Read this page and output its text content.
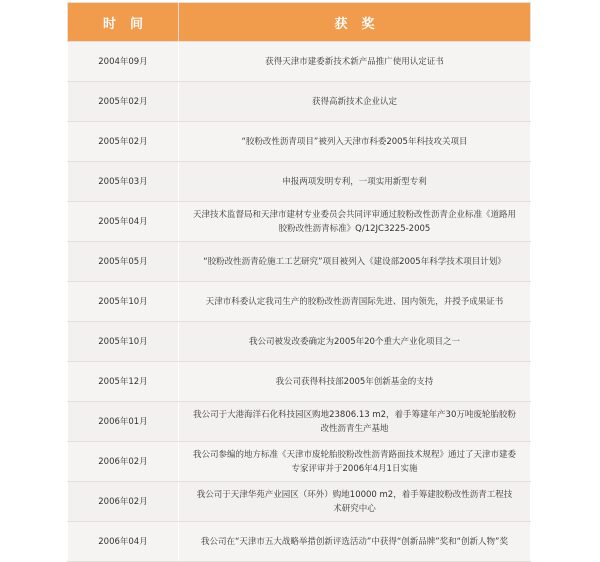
时间	获奖
2004年09月	获得天津市建委新技术新产品推广使用认定证书
2005年02月	获得高新技术企业认定
2005年02月	“胶粉改性沥青项目”被列入天津市科委2005年科技攻关项目
2005年03月	申报两项发明专利，一项实用新型专利
2005年04月	天津技术监督局和天津市建材专业委员会共同评审通过胶粉改性沥青企业标准《道路用胶粉改性沥青标准》Q/12JC3225-2005
2005年05月	“胶粉改性沥青砼施工工艺研究”项目被列入《建设部2005年科学技术项目计划》
2005年10月	天津市科委认定我司生产的胶粉改性沥青国际先进、国内领先，并授予成果证书
2005年10月	我公司被发改委确定为2005年20个重大产业化项目之一
2005年12月	我公司获得科技部2005年创新基金的支持
2006年01月	我公司于大港海洋石化科技园区购地23806.13 m2，着手筹建年产30万吨废轮胎胶粉改性沥青生产基地
2006年02月	我公司参编的地方标准《天津市废轮胎胶粉改性沥青路面技术规程》通过了天津市建委专家评审并于2006年4月1日实施
2006年02月	我公司于天津华苑产业园区（环外）购地10000 m2，着手筹建胶粉改性沥青工程技术研究中心
2006年04月	我公司在“天津市五大战略举措创新评选活动”中获得“创新品牌”奖和“创新人物”奖
